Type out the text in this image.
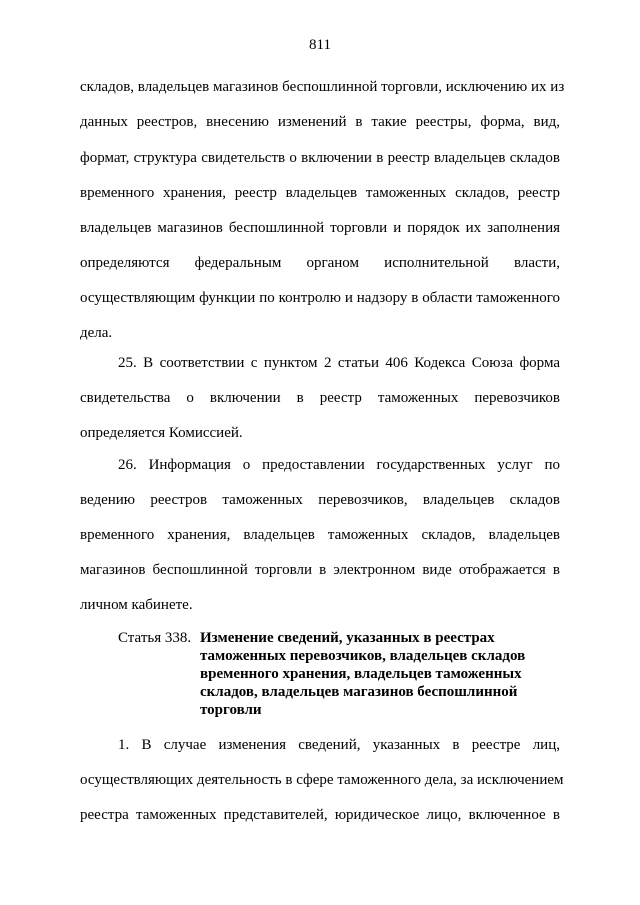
811
складов, владельцев магазинов беспошлинной торговли, исключению их из
данных реестров, внесению изменений в такие реестры, форма, вид,
формат, структура свидетельств о включении в реестр владельцев складов
временного хранения, реестр владельцев таможенных складов, реестр
владельцев магазинов беспошлинной торговли и порядок их заполнения
определяются федеральным органом исполнительной власти,
осуществляющим функции по контролю и надзору в области таможенного
дела.
25. В соответствии с пунктом 2 статьи 406 Кодекса Союза форма
свидетельства о включении в реестр таможенных перевозчиков
определяется Комиссией.
26. Информация о предоставлении государственных услуг по
ведению реестров таможенных перевозчиков, владельцев складов
временного хранения, владельцев таможенных складов, владельцев
магазинов беспошлинной торговли в электронном виде отображается в
личном кабинете.
Статья 338. Изменение сведений, указанных в реестрах
таможенных перевозчиков, владельцев складов
временного хранения, владельцев таможенных
складов, владельцев магазинов беспошлинной
торговли
1. В случае изменения сведений, указанных в реестре лиц,
осуществляющих деятельность в сфере таможенного дела, за исключением
реестра таможенных представителей, юридическое лицо, включенное в
